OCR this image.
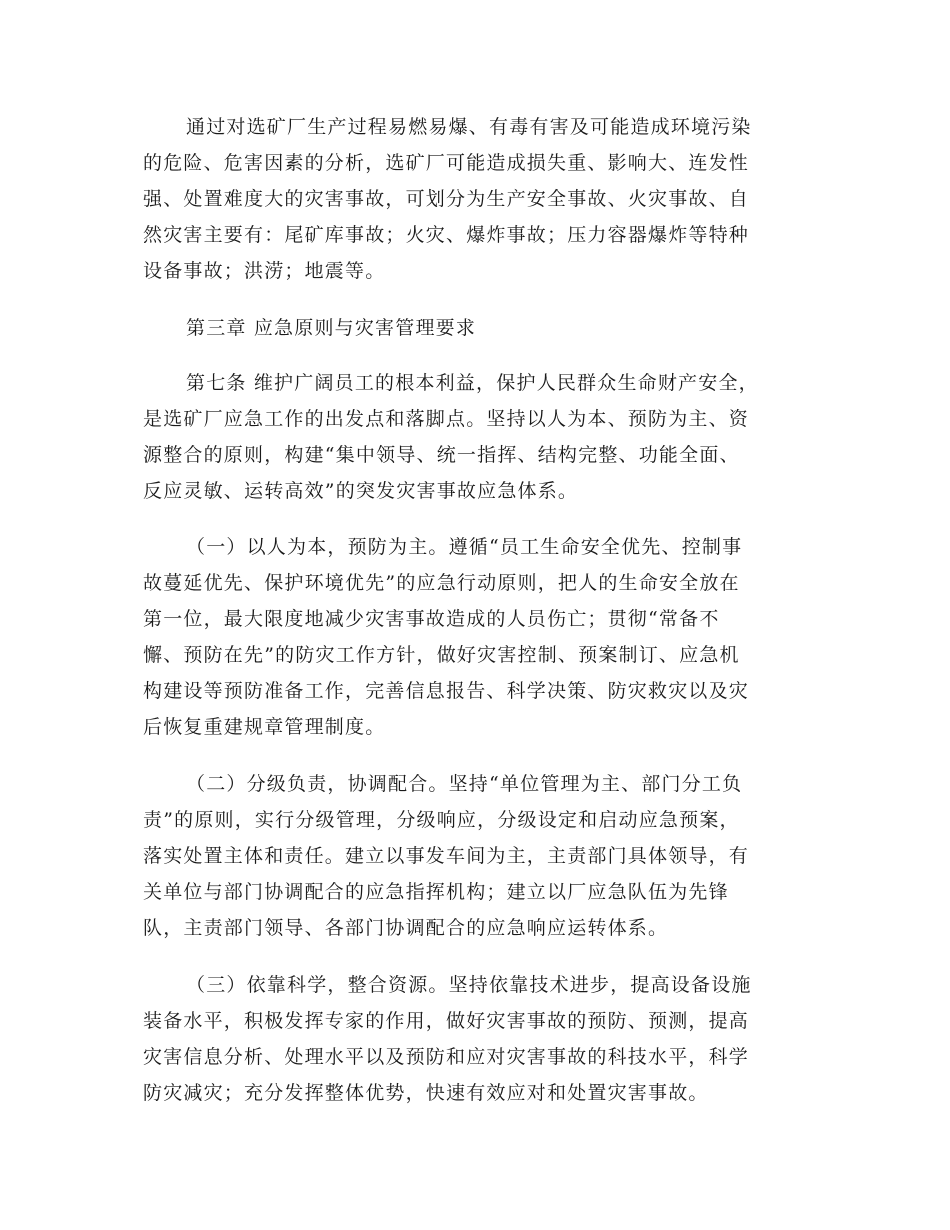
通过对选矿厂生产过程易燃易爆、有毒有害及可能造成环境污染
的危险、危害因素的分析，选矿厂可能造成损失重、影响大、连发性
强、处置难度大的灾害事故，可划分为生产安全事故、火灾事故、自
然灾害主要有：尾矿库事故；火灾、爆炸事故；压力容器爆炸等特种
设备事故；洪涝；地震等。
第三章 应急原则与灾害管理要求
第七条 维护广阔员工的根本利益，保护人民群众生命财产安全，
是选矿厂应急工作的出发点和落脚点。坚持以人为本、预防为主、资
源整合的原则，构建“集中领导、统一指挥、结构完整、功能全面、
反应灵敏、运转高效”的突发灾害事故应急体系。
（一）以人为本，预防为主。遵循“员工生命安全优先、控制事
故蔓延优先、保护环境优先”的应急行动原则，把人的生命安全放在
第一位，最大限度地减少灾害事故造成的人员伤亡；贯彻“常备不
懈、预防在先”的防灾工作方针，做好灾害控制、预案制订、应急机
构建设等预防准备工作，完善信息报告、科学决策、防灾救灾以及灾
后恢复重建规章管理制度。
（二）分级负责，协调配合。坚持“单位管理为主、部门分工负
责”的原则，实行分级管理，分级响应，分级设定和启动应急预案，
落实处置主体和责任。建立以事发车间为主，主责部门具体领导，有
关单位与部门协调配合的应急指挥机构；建立以厂应急队伍为先锋
队，主责部门领导、各部门协调配合的应急响应运转体系。
（三）依靠科学，整合资源。坚持依靠技术进步，提高设备设施
装备水平，积极发挥专家的作用，做好灾害事故的预防、预测，提高
灾害信息分析、处理水平以及预防和应对灾害事故的科技水平，科学
防灾减灾；充分发挥整体优势，快速有效应对和处置灾害事故。
